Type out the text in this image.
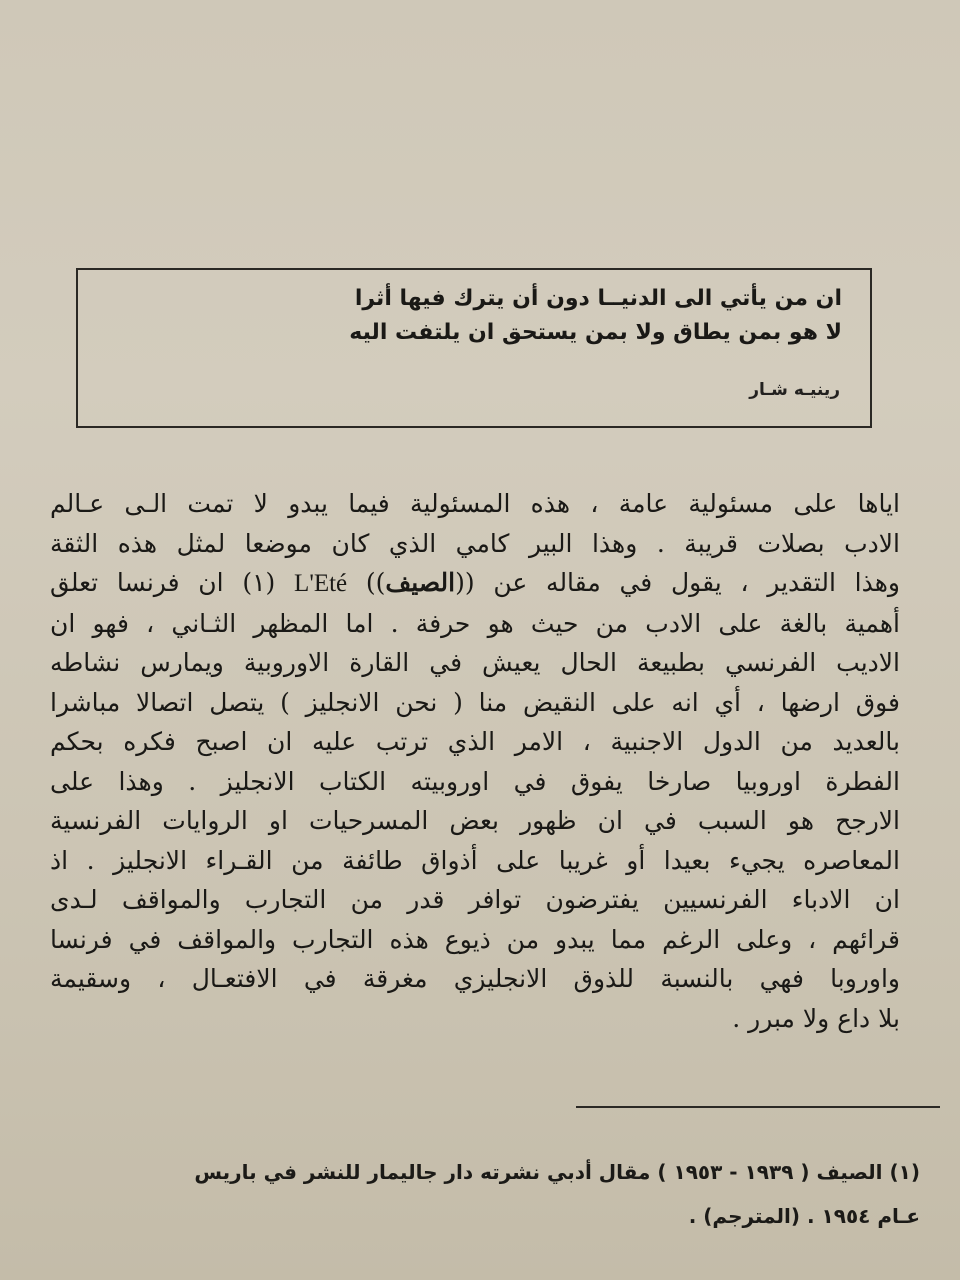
ان من يأتي الى الدنيــا دون أن يترك فيها أثرا
لا هو بمن يطاق ولا بمن يستحق ان يلتفت اليه
رينيـه شـار
اياها على مسئولية عامة ، هذه المسئولية فيما يبدو لا تمت الـى عـالم
الادب بصلات قريبة . وهذا البير كامي الذي كان موضعا لمثل هذه الثقة
وهذا التقدير ، يقول في مقاله عن ((الصيف)) L'Eté (١) ان فرنسا تعلق
أهمية بالغة على الادب من حيث هو حرفة . اما المظهر الثـاني ، فهو ان
الاديب الفرنسي بطبيعة الحال يعيش في القارة الاوروبية ويمارس نشاطه
فوق ارضها ، أي انه على النقيض منا ( نحن الانجليز ) يتصل اتصالا مباشرا
بالعديد من الدول الاجنبية ، الامر الذي ترتب عليه ان اصبح فكره بحكم
الفطرة اوروبيا صارخا يفوق في اوروبيته الكتاب الانجليز . وهذا على
الارجح هو السبب في ان ظهور بعض المسرحيات او الروايات الفرنسية
المعاصره يجيء بعيدا أو غريبا على أذواق طائفة من القـراء الانجليز . اذ
ان الادباء الفرنسيين يفترضون توافر قدر من التجارب والمواقف لـدى
قرائهم ، وعلى الرغم مما يبدو من ذيوع هذه التجارب والمواقف في فرنسا
واوروبا فهي بالنسبة للذوق الانجليزي مغرقة في الافتعـال ، وسقيمة
بلا داع ولا مبرر .
(١) الصيف ( ١٩٣٩ - ١٩٥٣ ) مقال أدبي نشرته دار جاليمار للنشر في باريس
عـام ١٩٥٤ . (المترجم) .
